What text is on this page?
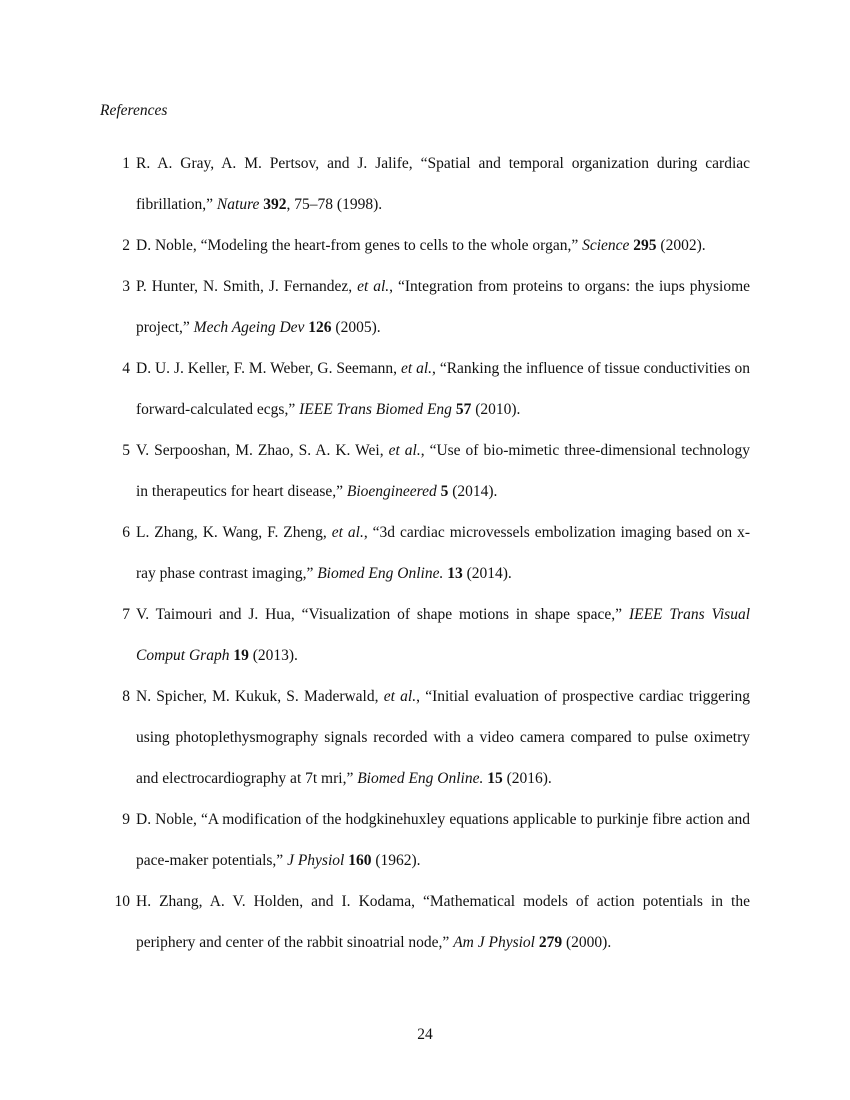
References
1 R. A. Gray, A. M. Pertsov, and J. Jalife, “Spatial and temporal organization during cardiac fibrillation,” Nature 392, 75–78 (1998).
2 D. Noble, “Modeling the heart-from genes to cells to the whole organ,” Science 295 (2002).
3 P. Hunter, N. Smith, J. Fernandez, et al., “Integration from proteins to organs: the iups physiome project,” Mech Ageing Dev 126 (2005).
4 D. U. J. Keller, F. M. Weber, G. Seemann, et al., “Ranking the influence of tissue conductivities on forward-calculated ecgs,” IEEE Trans Biomed Eng 57 (2010).
5 V. Serpooshan, M. Zhao, S. A. K. Wei, et al., “Use of bio-mimetic three-dimensional technology in therapeutics for heart disease,” Bioengineered 5 (2014).
6 L. Zhang, K. Wang, F. Zheng, et al., “3d cardiac microvessels embolization imaging based on x-ray phase contrast imaging,” Biomed Eng Online. 13 (2014).
7 V. Taimouri and J. Hua, “Visualization of shape motions in shape space,” IEEE Trans Visual Comput Graph 19 (2013).
8 N. Spicher, M. Kukuk, S. Maderwald, et al., “Initial evaluation of prospective cardiac triggering using photoplethysmography signals recorded with a video camera compared to pulse oximetry and electrocardiography at 7t mri,” Biomed Eng Online. 15 (2016).
9 D. Noble, “A modification of the hodgkinehuxley equations applicable to purkinje fibre action and pace-maker potentials,” J Physiol 160 (1962).
10 H. Zhang, A. V. Holden, and I. Kodama, “Mathematical models of action potentials in the periphery and center of the rabbit sinoatrial node,” Am J Physiol 279 (2000).
24
